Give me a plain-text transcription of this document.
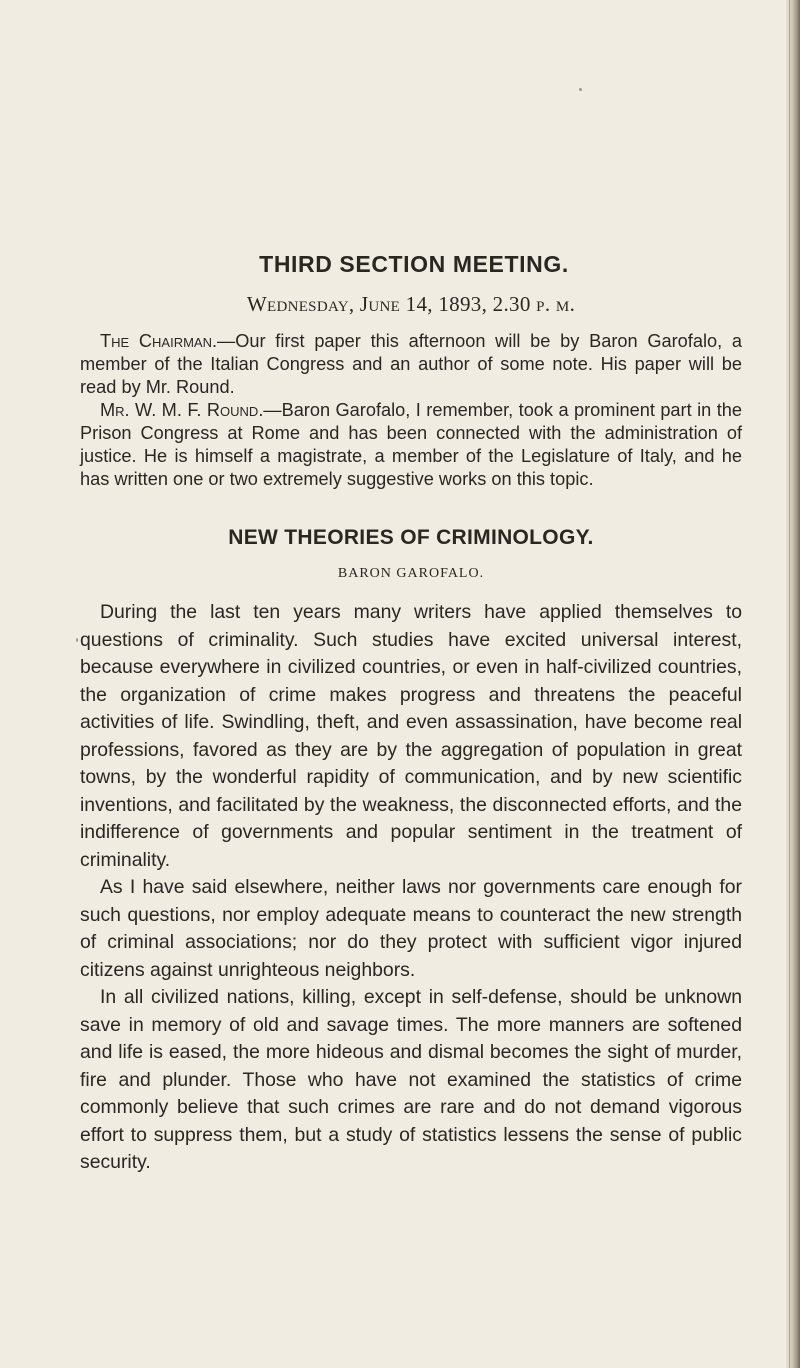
THIRD SECTION MEETING.
Wednesday, June 14, 1893, 2.30 p. m.

The Chairman.—Our first paper this afternoon will be by Baron Garofalo, a member of the Italian Congress and an author of some note. His paper will be read by Mr. Round.

Mr. W. M. F. Round.—Baron Garofalo, I remember, took a prominent part in the Prison Congress at Rome and has been connected with the administration of justice. He is himself a magistrate, a member of the Legislature of Italy, and he has written one or two extremely suggestive works on this topic.

NEW THEORIES OF CRIMINOLOGY.
BARON GAROFALO.

During the last ten years many writers have applied themselves to questions of criminality. Such studies have excited universal interest, because everywhere in civilized countries, or even in half-civilized countries, the organization of crime makes progress and threatens the peaceful activities of life. Swindling, theft, and even assassination, have become real professions, favored as they are by the aggregation of population in great towns, by the wonderful rapidity of communication, and by new scientific inventions, and facilitated by the weakness, the disconnected efforts, and the indifference of governments and popular sentiment in the treatment of criminality.

As I have said elsewhere, neither laws nor governments care enough for such questions, nor employ adequate means to counteract the new strength of criminal associations; nor do they protect with sufficient vigor injured citizens against unrighteous neighbors.

In all civilized nations, killing, except in self-defense, should be unknown save in memory of old and savage times. The more manners are softened and life is eased, the more hideous and dismal becomes the sight of murder, fire and plunder. Those who have not examined the statistics of crime commonly believe that such crimes are rare and do not demand vigorous effort to suppress them, but a study of statistics lessens the sense of public security.
